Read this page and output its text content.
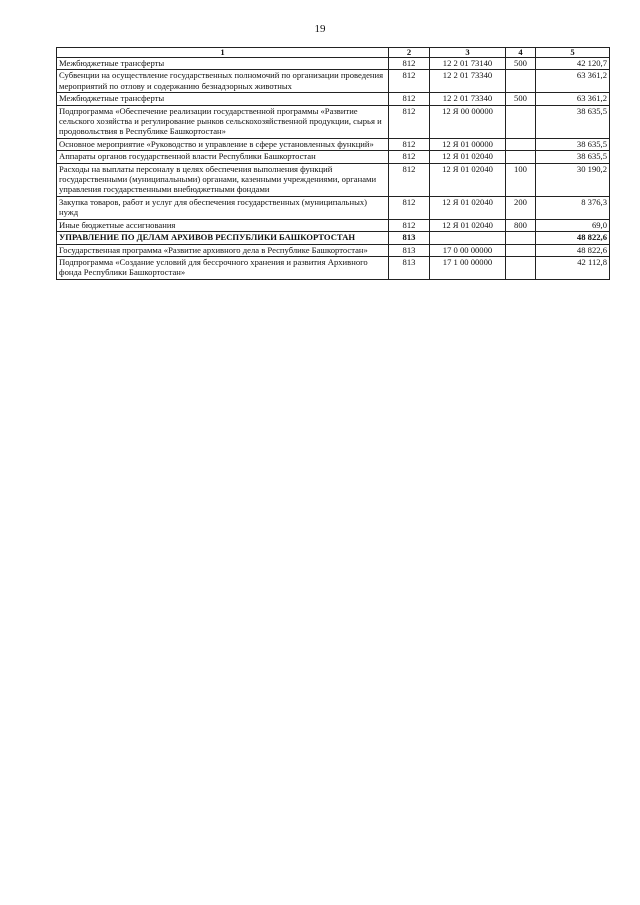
19
1	2	3	4	5
Межбюджетные трансферты	812	12 2 01 73140	500	42 120,7
Субвенции на осуществление государственных полномочий по организации проведения мероприятий по отлову и содержанию безнадзорных животных	812	12 2 01 73340		63 361,2
Межбюджетные трансферты	812	12 2 01 73340	500	63 361,2
Подпрограмма «Обеспечение реализации государственной программы «Развитие сельского хозяйства и регулирование рынков сельскохозяйственной продукции, сырья и продовольствия в Республике Башкортостан»	812	12 Я 00 00000		38 635,5
Основное мероприятие «Руководство и управление в сфере установленных функций»	812	12 Я 01 00000		38 635,5
Аппараты органов государственной власти Республики Башкортостан	812	12 Я 01 02040		38 635,5
Расходы на выплаты персоналу в целях обеспечения выполнения функций государственными (муниципальными) органами, казенными учреждениями, органами управления государственными внебюджетными фондами	812	12 Я 01 02040	100	30 190,2
Закупка товаров, работ и услуг для обеспечения государственных (муниципальных) нужд	812	12 Я 01 02040	200	8 376,3
Иные бюджетные ассигнования	812	12 Я 01 02040	800	69,0
УПРАВЛЕНИЕ ПО ДЕЛАМ АРХИВОВ РЕСПУБЛИКИ БАШКОРТОСТАН	813			48 822,6
Государственная программа «Развитие архивного дела в Республике Башкортостан»	813	17 0 00 00000		48 822,6
Подпрограмма «Создание условий для бессрочного хранения и развития Архивного фонда Республики Башкортостан»	813	17 1 00 00000		42 112,8
